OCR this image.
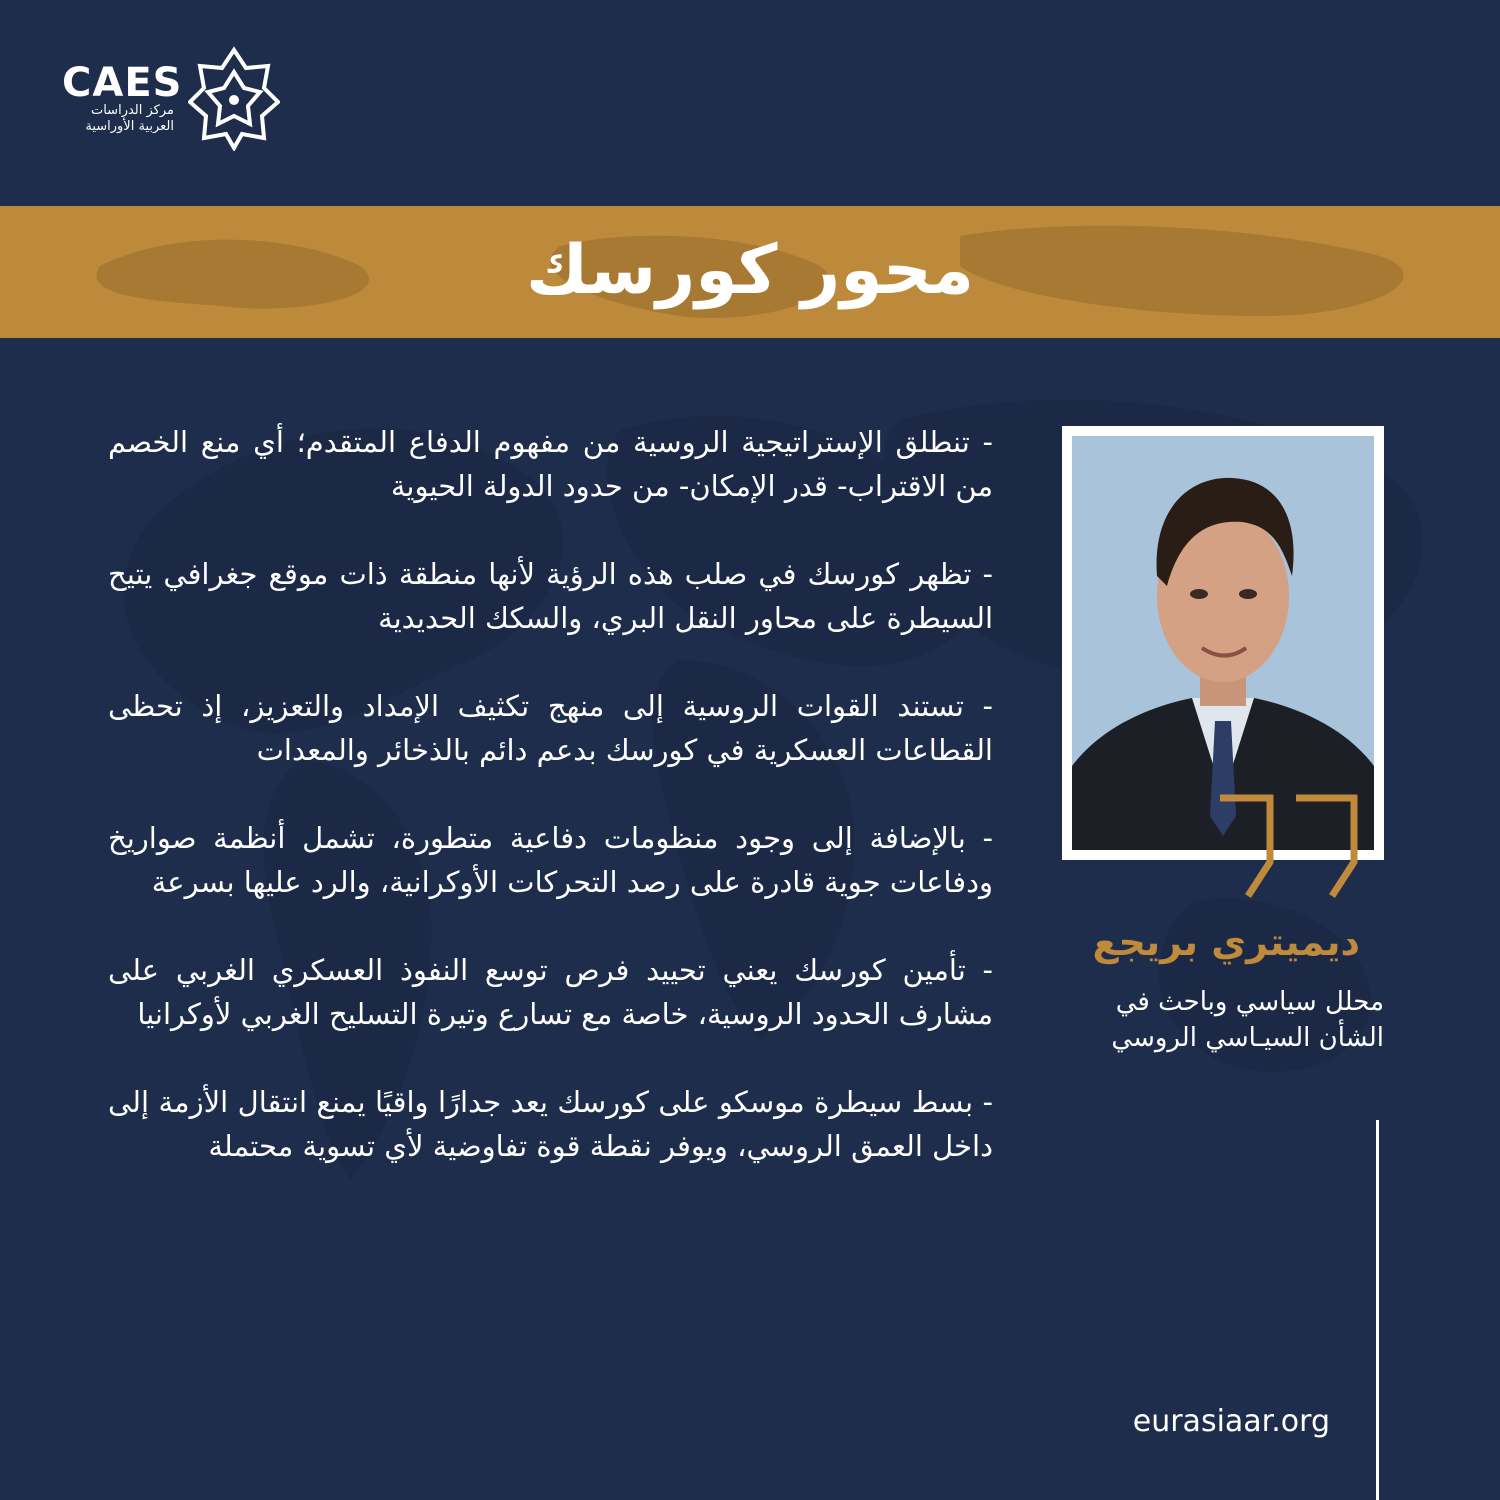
CAES
مركز الدراسات
العربية الأوراسية
محور كورسك

- تنطلق الإستراتيجية الروسية من مفهوم الدفاع المتقدم؛ أي منع الخصم من الاقتراب- قدر الإمكان- من حدود الدولة الحيوية

- تظهر كورسك في صلب هذه الرؤية لأنها منطقة ذات موقع جغرافي يتيح السيطرة على محاور النقل البري، والسكك الحديدية

- تستند القوات الروسية إلى منهج تكثيف الإمداد والتعزيز، إذ تحظى القطاعات العسكرية في كورسك بدعم دائم بالذخائر والمعدات

- بالإضافة إلى وجود منظومات دفاعية متطورة، تشمل أنظمة صواريخ ودفاعات جوية قادرة على رصد التحركات الأوكرانية، والرد عليها بسرعة

- تأمين كورسك يعني تحييد فرص توسع النفوذ العسكري الغربي على مشارف الحدود الروسية، خاصة مع تسارع وتيرة التسليح الغربي لأوكرانيا

- بسط سيطرة موسكو على كورسك يعد جدارًا واقيًا يمنع انتقال الأزمة إلى داخل العمق الروسي، ويوفر نقطة قوة تفاوضية لأي تسوية محتملة

ديميتري بريجع
محلل سياسي وباحث في
الشأن السيـاسي الروسي
eurasiaar.org
